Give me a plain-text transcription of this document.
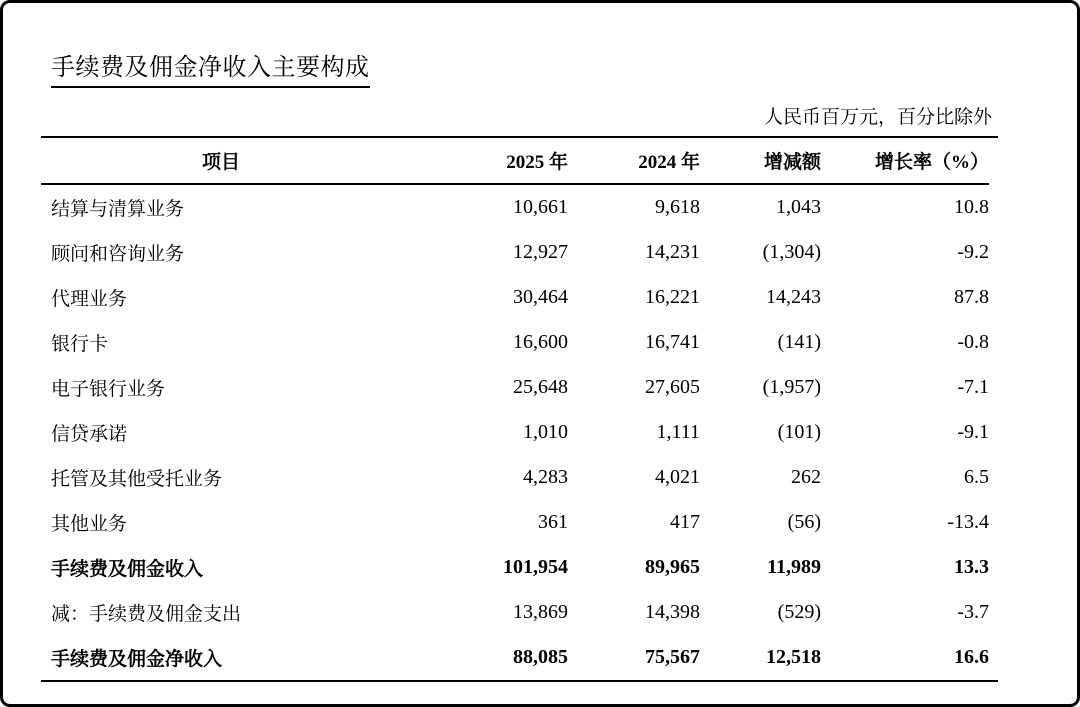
手续费及佣金净收入主要构成
人民币百万元，百分比除外
项目	2025 年	2024 年	增减额	增长率（%）
结算与清算业务	10,661	9,618	1,043	10.8
顾问和咨询业务	12,927	14,231	(1,304)	-9.2
代理业务	30,464	16,221	14,243	87.8
银行卡	16,600	16,741	(141)	-0.8
电子银行业务	25,648	27,605	(1,957)	-7.1
信贷承诺	1,010	1,111	(101)	-9.1
托管及其他受托业务	4,283	4,021	262	6.5
其他业务	361	417	(56)	-13.4
手续费及佣金收入	101,954	89,965	11,989	13.3
减：手续费及佣金支出	13,869	14,398	(529)	-3.7
手续费及佣金净收入	88,085	75,567	12,518	16.6
